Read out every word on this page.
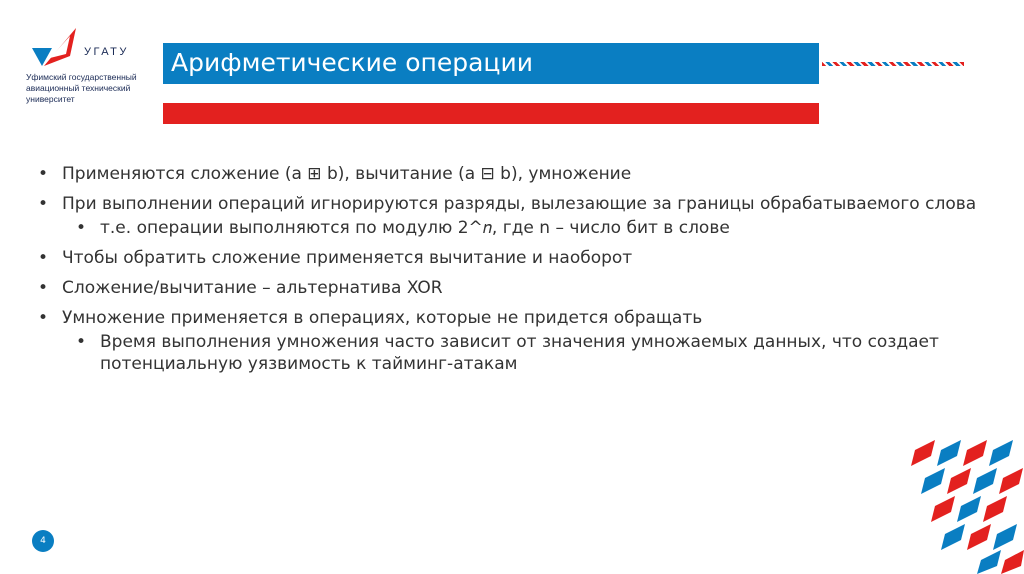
УГАТУ
Уфимский государственный
авиационный технический
университет
Арифметические операции
• Применяются сложение (a ⊞ b), вычитание (a ⊟ b), умножение
• При выполнении операций игнорируются разряды, вылезающие за границы обрабатываемого слова
• т.е. операции выполняются по модулю 2^𝑛, где n – число бит в слове
• Чтобы обратить сложение применяется вычитание и наоборот
• Сложение/вычитание – альтернатива XOR
• Умножение применяется в операциях, которые не придется обращать
• Время выполнения умножения часто зависит от значения умножаемых данных, что создает потенциальную уязвимость к тайминг-атакам
4
